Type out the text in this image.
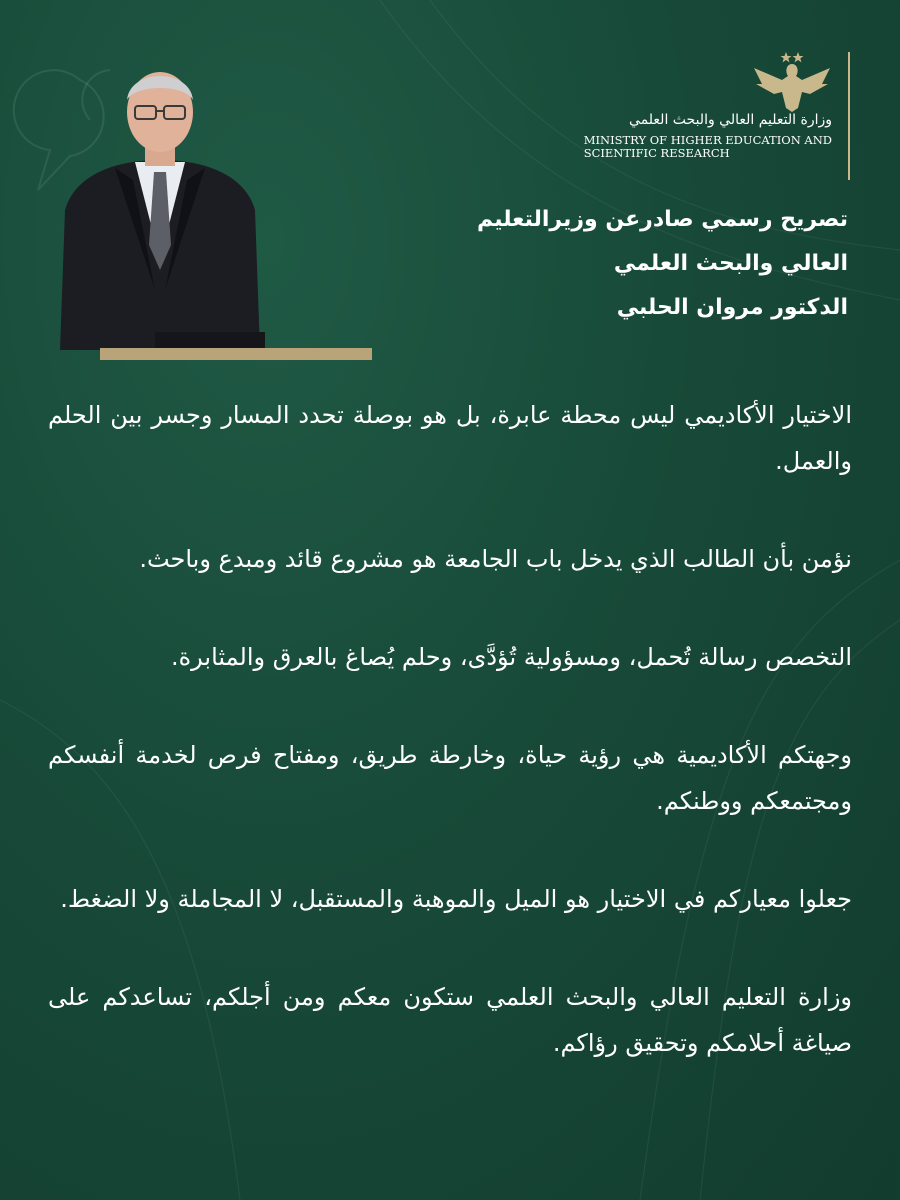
وزارة التعليم العالي والبحث العلمي
MINISTRY OF HIGHER EDUCATION AND
SCIENTIFIC RESEARCH
تصريح رسمي صادرعن وزيرالتعليم
العالي والبحث العلمي
الدكتور مروان الحلبي

الاختيار الأكاديمي ليس محطة عابرة، بل هو بوصلة تحدد المسار وجسر بين الحلم والعمل.

نؤمن بأن الطالب الذي يدخل باب الجامعة هو مشروع قائد ومبدع وباحث.

التخصص رسالة تُحمل، ومسؤولية تُؤدَّى، وحلم يُصاغ بالعرق والمثابرة.

وجهتكم الأكاديمية هي رؤية حياة، وخارطة طريق، ومفتاح فرص لخدمة أنفسكم ومجتمعكم ووطنكم.

جعلوا معياركم في الاختيار هو الميل والموهبة والمستقبل، لا المجاملة ولا الضغط.

وزارة التعليم العالي والبحث العلمي ستكون معكم ومن أجلكم، تساعدكم على صياغة أحلامكم وتحقيق رؤاكم.
